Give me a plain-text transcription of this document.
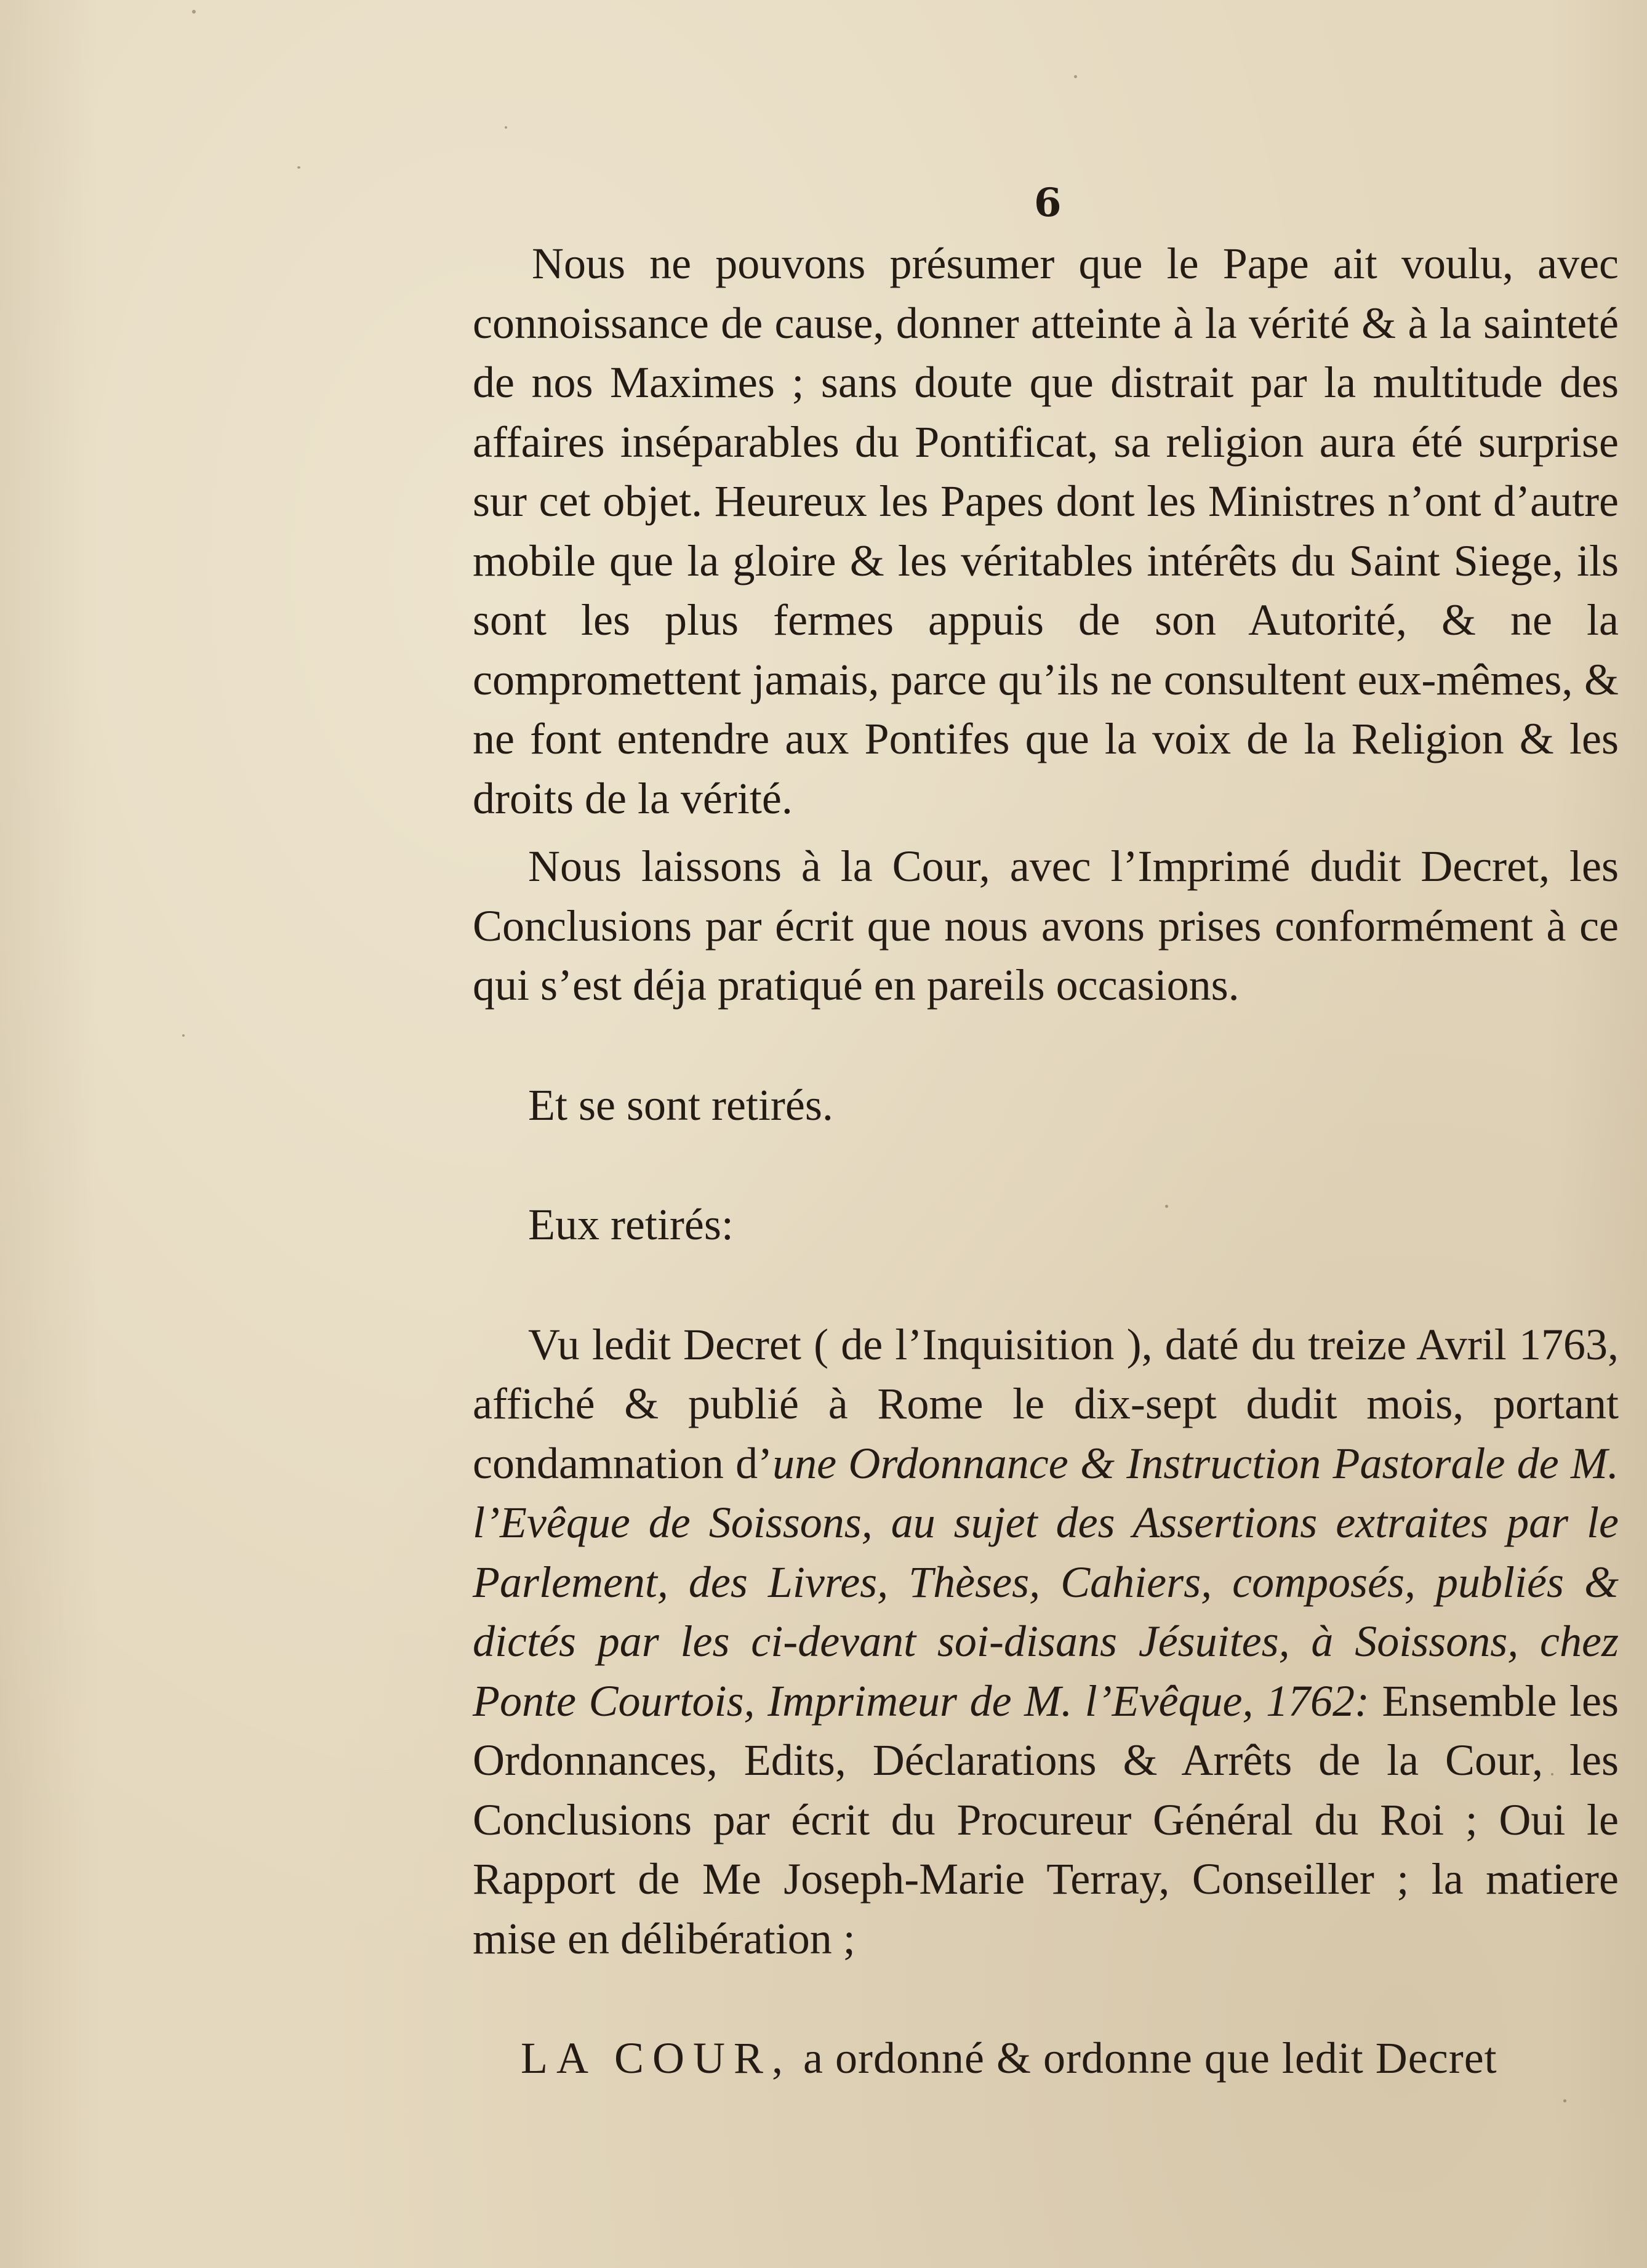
6

Nous ne pouvons présumer que le Pape ait voulu, avec connoissance de cause, donner atteinte à la vérité & à la sainteté de nos Maximes ; sans doute que distrait par la multitude des affaires inséparables du Pontificat, sa religion aura été surprise sur cet objet. Heureux les Papes dont les Ministres n’ont d’autre mobile que la gloire & les véritables intérêts du Saint Siege, ils sont les plus fermes appuis de son Autorité, & ne la compromettent jamais, parce qu’ils ne consultent eux-mêmes, & ne font entendre aux Pontifes que la voix de la Religion & les droits de la vérité.

Nous laissons à la Cour, avec l’Imprimé dudit Decret, les Conclusions par écrit que nous avons prises conformément à ce qui s’est déja pratiqué en pareils occasions.

Et se sont retirés.

Eux retirés:

Vu ledit Decret ( de l’Inquisition ), daté du treize Avril 1763, affiché & publié à Rome le dix-sept dudit mois, portant condamnation d’une Ordonnance & Instruction Pastorale de M. l’Evêque de Soissons, au sujet des Assertions extraites par le Parlement, des Livres, Thèses, Cahiers, composés, publiés & dictés par les ci-devant soi-disans Jésuites, à Soissons, chez Ponte Courtois, Imprimeur de M. l’Evêque, 1762: Ensemble les Ordonnances, Edits, Déclarations & Arrêts de la Cour, les Conclusions par écrit du Procureur Général du Roi ; Oui le Rapport de Me Joseph-Marie Terray, Conseiller ; la matiere mise en délibération ;

LA COUR, a ordonné & ordonne que ledit Decret
